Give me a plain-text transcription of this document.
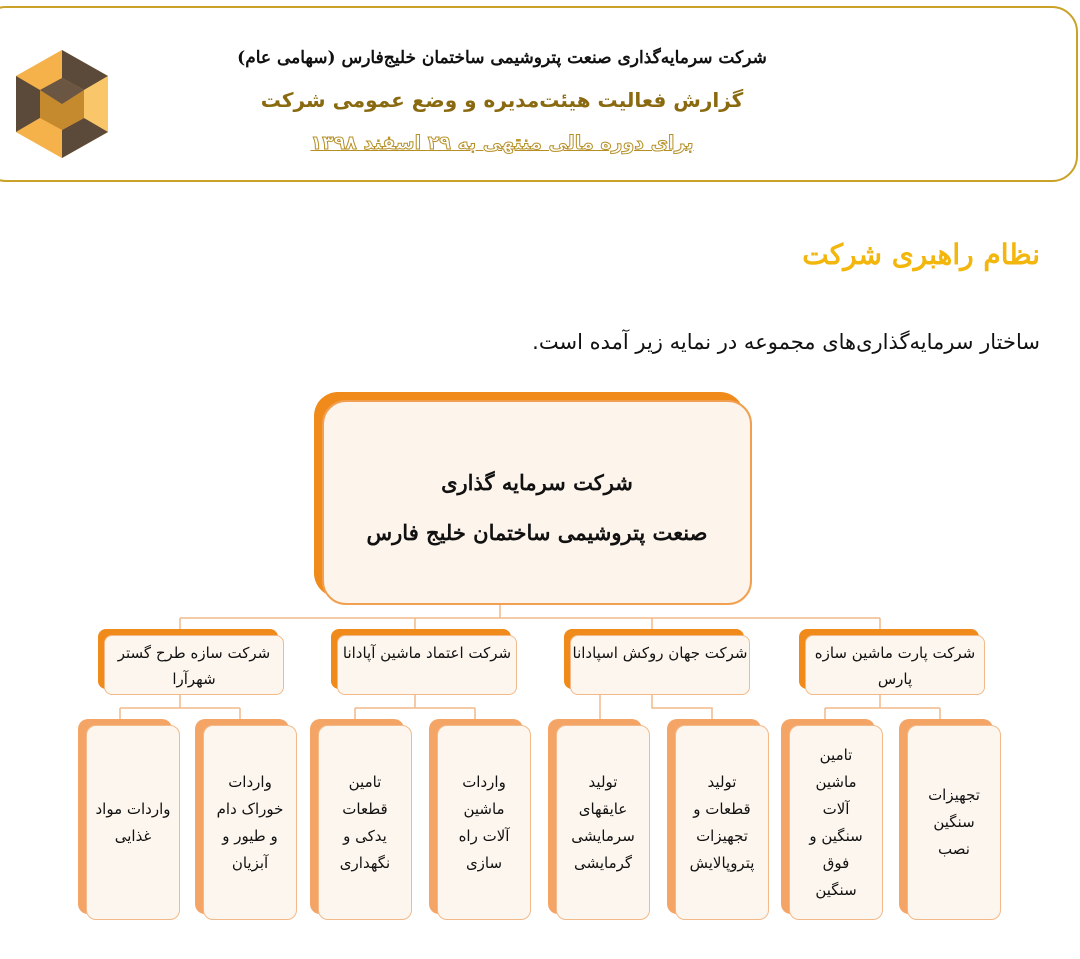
شرکت سرمایه‌گذاری صنعت پتروشیمی ساختمان خلیج‌فارس (سهامی عام)
گزارش فعالیت هیئت‌مدیره و وضع عمومی شرکت
برای دوره مالی منتهی به ۲۹ اسفند ۱۳۹۸
نظام راهبری شرکت
ساختار سرمایه‌گذاری‌های مجموعه در نمایه زیر آمده است.
شرکت سرمایه گذاری
صنعت پتروشیمی ساختمان خلیج فارس
شرکت پارت ماشین سازه پارس
شرکت جهان روکش اسپادانا
شرکت اعتماد ماشین آپادانا
شرکت سازه طرح گستر شهرآرا
تجهیزات
سنگین
نصب
تامین
ماشین
آلات
سنگین و
فوق
سنگین
تولید
قطعات و
تجهیزات
پتروپالایش
تولید
عایقهای
سرمایشی
گرمایشی
واردات
ماشین
آلات راه
سازی
تامین
قطعات
یدکی و
نگهداری
واردات
خوراک دام
و طیور و
آبزیان
واردات مواد
غذایی
